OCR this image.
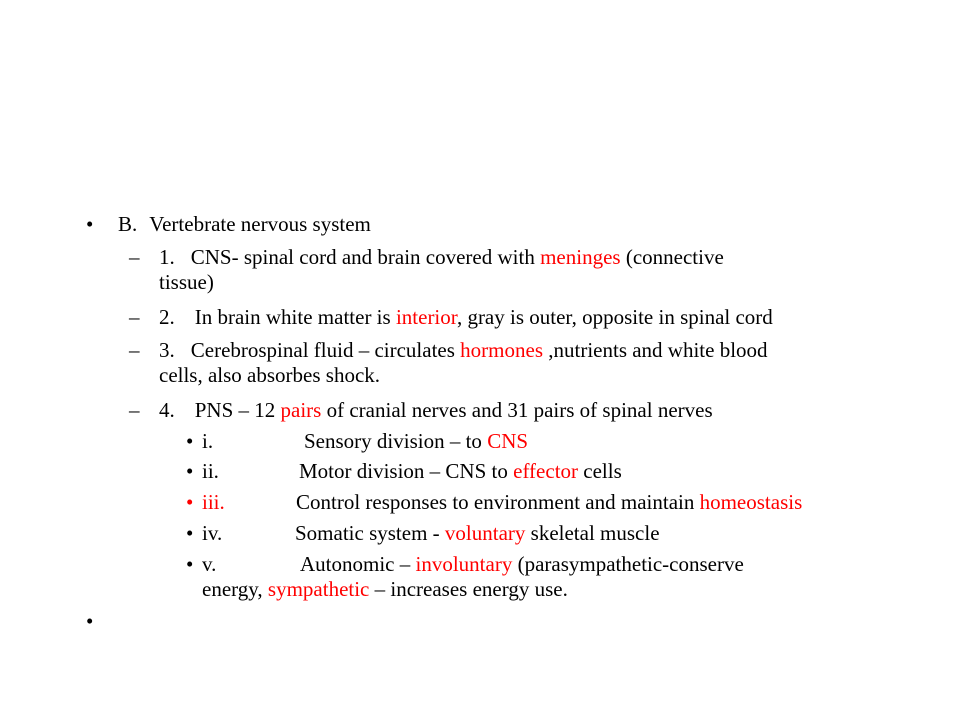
• B. Vertebrate nervous system
– 1. CNS- spinal cord and brain covered with meninges (connective
tissue)
– 2. In brain white matter is interior, gray is outer, opposite in spinal cord
– 3. Cerebrospinal fluid – circulates hormones ,nutrients and white blood
cells, also absorbes shock.
– 4. PNS – 12 pairs of cranial nerves and 31 pairs of spinal nerves
• i.	Sensory division – to CNS
• ii.	Motor division – CNS to effector cells
• iii.	Control responses to environment and maintain homeostasis
• iv.	Somatic system - voluntary skeletal muscle
• v.	Autonomic – involuntary (parasympathetic-conserve
energy, sympathetic – increases energy use.
•
